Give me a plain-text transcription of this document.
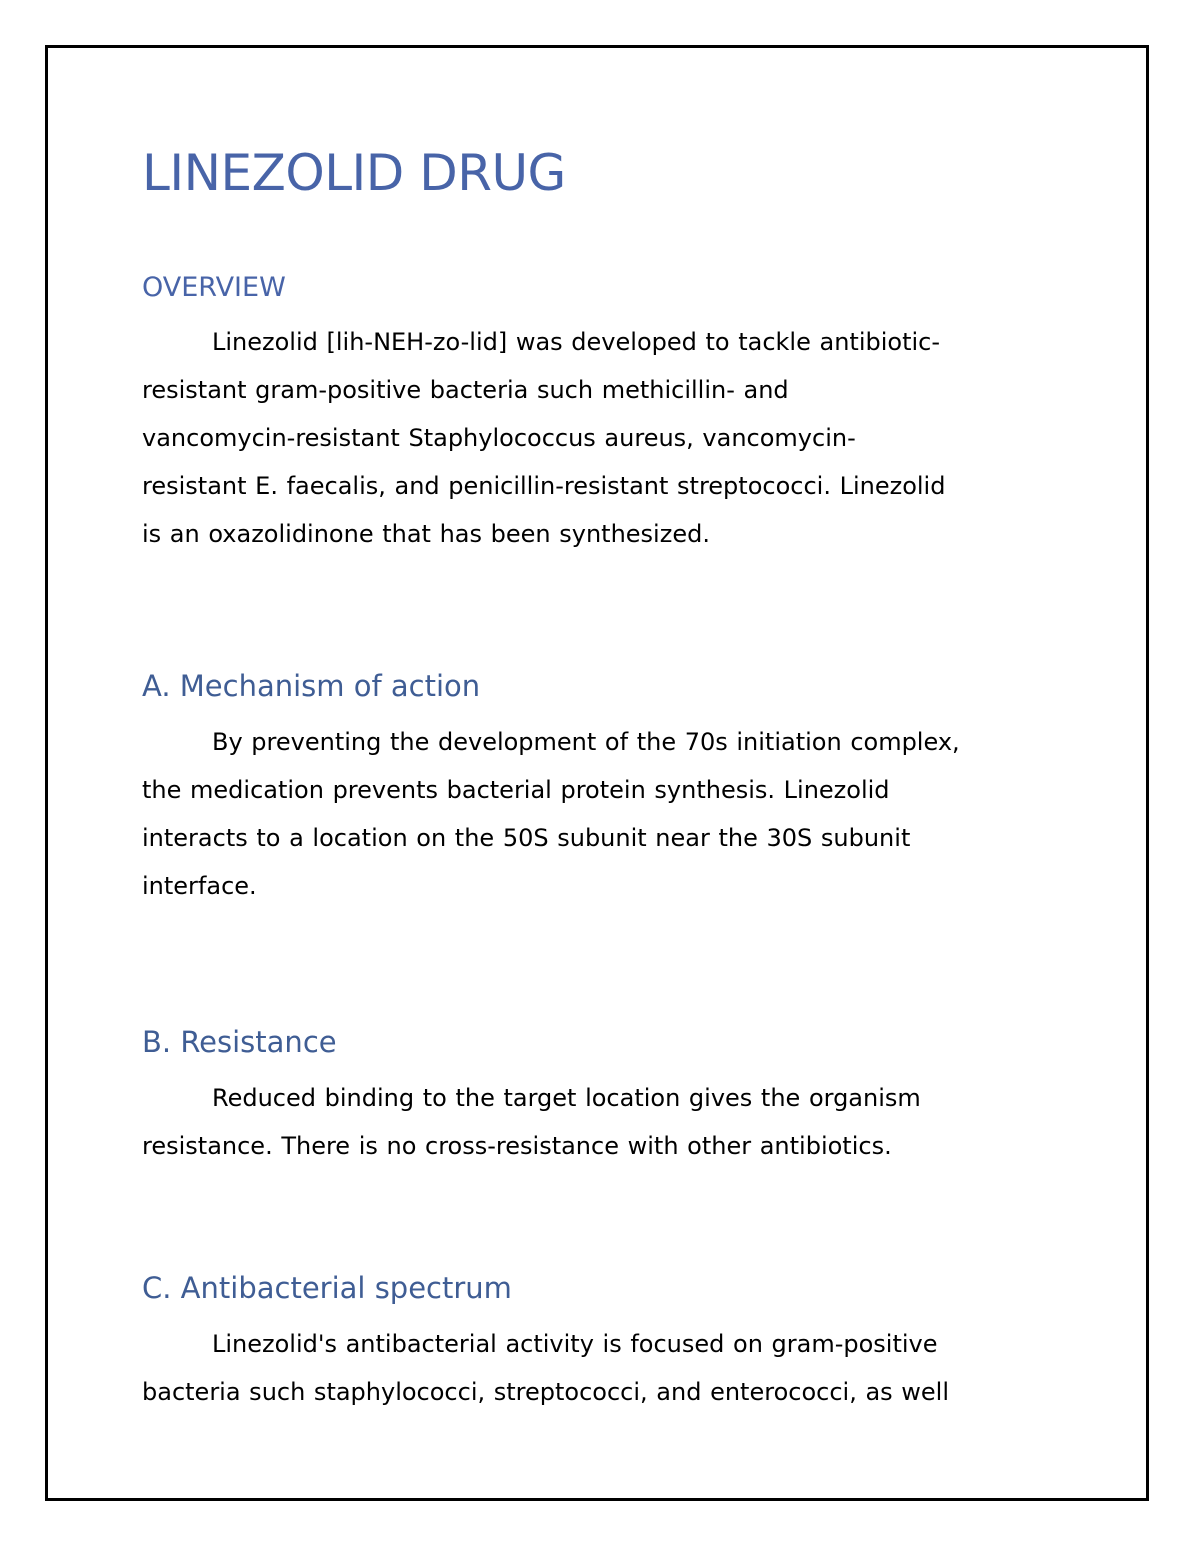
LINEZOLID DRUG
OVERVIEW

Linezolid [lih-NEH-zo-lid] was developed to tackle antibiotic-
resistant gram-positive bacteria such methicillin- and
vancomycin-resistant Staphylococcus aureus, vancomycin-
resistant E. faecalis, and penicillin-resistant streptococci. Linezolid
is an oxazolidinone that has been synthesized.

A. Mechanism of action

By preventing the development of the 70s initiation complex,
the medication prevents bacterial protein synthesis. Linezolid
interacts to a location on the 50S subunit near the 30S subunit
interface.

B. Resistance

Reduced binding to the target location gives the organism
resistance. There is no cross-resistance with other antibiotics.

C. Antibacterial spectrum

Linezolid's antibacterial activity is focused on gram-positive
bacteria such staphylococci, streptococci, and enterococci, as well
